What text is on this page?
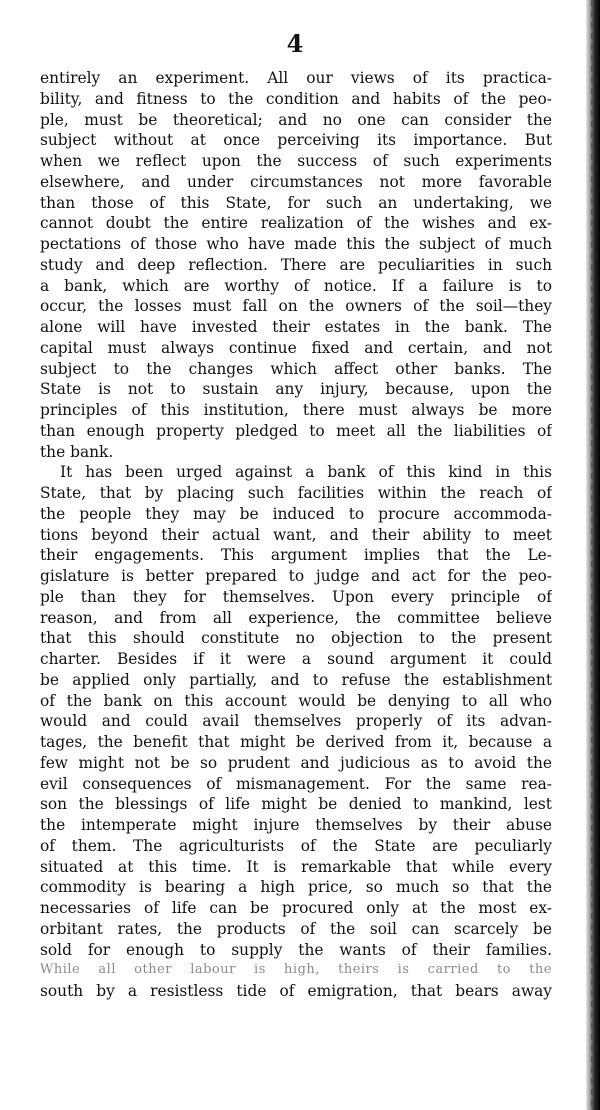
4
entirely an experiment. All our views of its practica-
bility, and fitness to the condition and habits of the peo-
ple, must be theoretical; and no one can consider the
subject without at once perceiving its importance. But
when we reflect upon the success of such experiments
elsewhere, and under circumstances not more favorable
than those of this State, for such an undertaking, we
cannot doubt the entire realization of the wishes and ex-
pectations of those who have made this the subject of much
study and deep reflection. There are peculiarities in such
a bank, which are worthy of notice. If a failure is to
occur, the losses must fall on the owners of the soil—they
alone will have invested their estates in the bank. The
capital must always continue fixed and certain, and not
subject to the changes which affect other banks. The
State is not to sustain any injury, because, upon the
principles of this institution, there must always be more
than enough property pledged to meet all the liabilities of
the bank.
It has been urged against a bank of this kind in this
State, that by placing such facilities within the reach of
the people they may be induced to procure accommoda-
tions beyond their actual want, and their ability to meet
their engagements. This argument implies that the Le-
gislature is better prepared to judge and act for the peo-
ple than they for themselves. Upon every principle of
reason, and from all experience, the committee believe
that this should constitute no objection to the present
charter. Besides if it were a sound argument it could
be applied only partially, and to refuse the establishment
of the bank on this account would be denying to all who
would and could avail themselves properly of its advan-
tages, the benefit that might be derived from it, because a
few might not be so prudent and judicious as to avoid the
evil consequences of mismanagement. For the same rea-
son the blessings of life might be denied to mankind, lest
the intemperate might injure themselves by their abuse
of them. The agriculturists of the State are peculiarly
situated at this time. It is remarkable that while every
commodity is bearing a high price, so much so that the
necessaries of life can be procured only at the most ex-
orbitant rates, the products of the soil can scarcely be
sold for enough to supply the wants of their families.
While all other labour is high, theirs is carried to the
south by a resistless tide of emigration, that bears away
